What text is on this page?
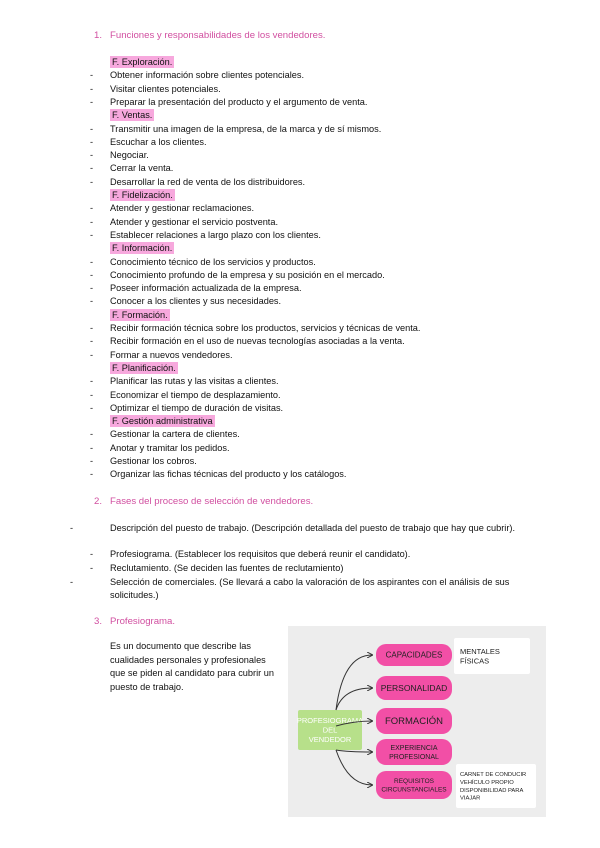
1. Funciones y responsabilidades de los vendedores.
F. Exploración.
- Obtener información sobre clientes potenciales.
- Visitar clientes potenciales.
- Preparar la presentación del producto y el argumento de venta.
F. Ventas.
- Transmitir una imagen de la empresa, de la marca y de sí mismos.
- Escuchar a los clientes.
- Negociar.
- Cerrar la venta.
- Desarrollar la red de venta de los distribuidores.
F. Fidelización.
- Atender y gestionar reclamaciones.
- Atender y gestionar el servicio postventa.
- Establecer relaciones a largo plazo con los clientes.
F. Información.
- Conocimiento técnico de los servicios y productos.
- Conocimiento profundo de la empresa y su posición en el mercado.
- Poseer información actualizada de la empresa.
- Conocer a los clientes y sus necesidades.
F. Formación.
- Recibir formación técnica sobre los productos, servicios y técnicas de venta.
- Recibir formación en el uso de nuevas tecnologías asociadas a la venta.
- Formar a nuevos vendedores.
F. Planificación.
- Planificar las rutas y las visitas a clientes.
- Economizar el tiempo de desplazamiento.
- Optimizar el tiempo de duración de visitas.
F. Gestión administrativa
- Gestionar la cartera de clientes.
- Anotar y tramitar los pedidos.
- Gestionar los cobros.
- Organizar las fichas técnicas del producto y los catálogos.
2. Fases del proceso de selección de vendedores.
-	Descripción del puesto de trabajo. (Descripción detallada del puesto de trabajo que hay que cubrir).
- Profesiograma. (Establecer los requisitos que deberá reunir el candidato).
- Reclutamiento. (Se deciden las fuentes de reclutamiento)
-	Selección de comerciales. (Se llevará a cabo la valoración de los aspirantes con el análisis de sus solicitudes.)
3. Profesiograma.
Es un documento que describe las cualidades personales y profesionales que se piden al candidato para cubrir un puesto de trabajo.
PROFESIOGRAMA
DEL
VENDEDOR
CAPACIDADES
PERSONALIDAD
FORMACIÓN
EXPERIENCIA
PROFESIONAL
REQUISITOS
CIRCUNSTANCIALES
MENTALES
FÍSICAS
CARNET DE CONDUCIR
VEHÍCULO PROPIO
DISPONIBILIDAD PARA
VIAJAR
